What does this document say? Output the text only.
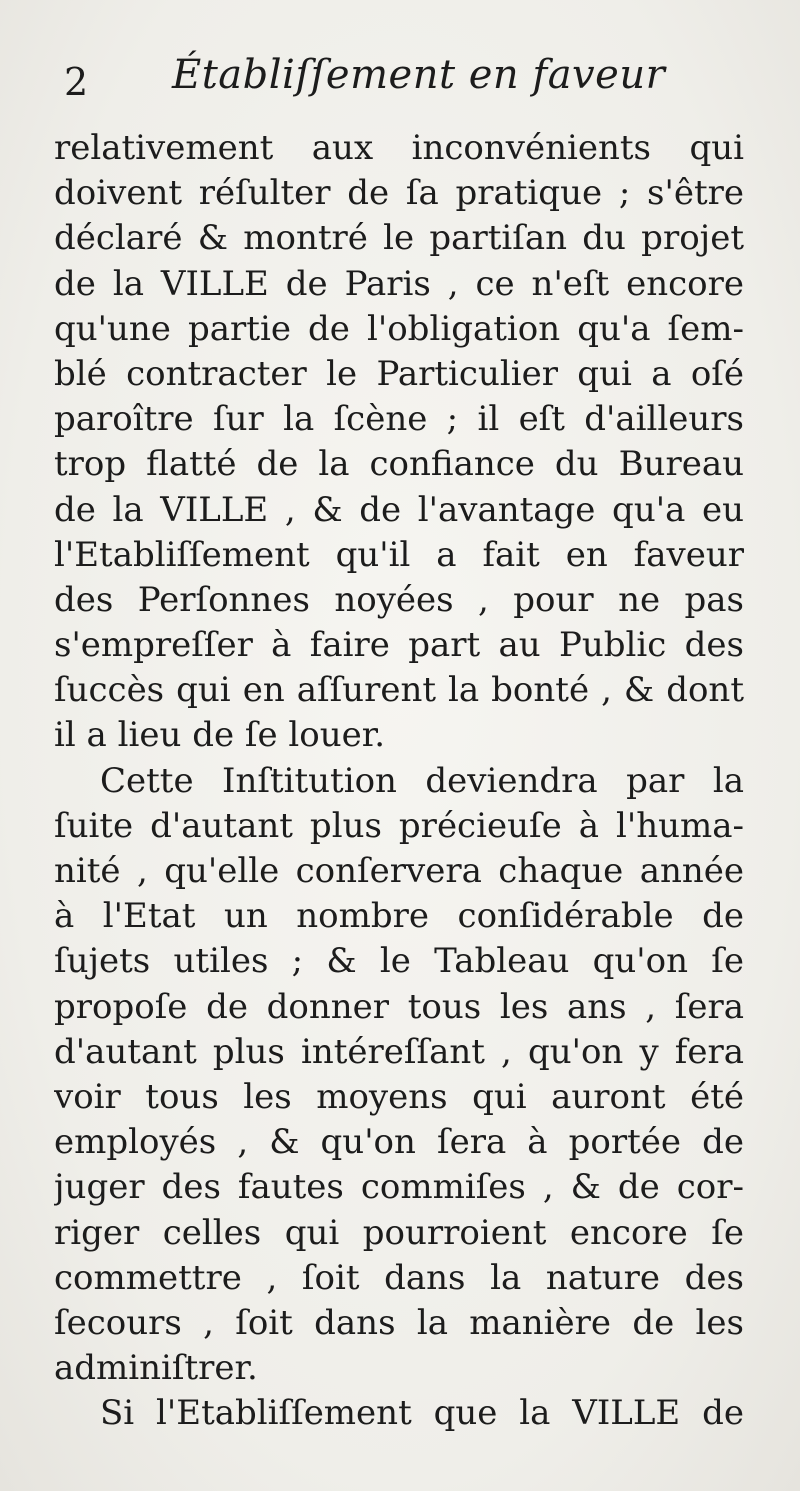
2 Établiſſement en faveur
relativement aux inconvénients qui
doivent réſulter de ſa pratique ; s'être
déclaré & montré le partiſan du projet
de la VILLE de Paris , ce n'eſt encore
qu'une partie de l'obligation qu'a ſem-
blé contracter le Particulier qui a oſé
paroître ſur la ſcène ; il eſt d'ailleurs
trop flatté de la confiance du Bureau
de la VILLE , & de l'avantage qu'a eu
l'Etabliſſement qu'il a fait en faveur
des Perſonnes noyées , pour ne pas
s'empreſſer à faire part au Public des
ſuccès qui en aſſurent la bonté , & dont
il a lieu de ſe louer.
Cette Inſtitution deviendra par la
ſuite d'autant plus précieuſe à l'huma-
nité , qu'elle conſervera chaque année
à l'Etat un nombre conſidérable de
ſujets utiles ; & le Tableau qu'on ſe
propoſe de donner tous les ans , ſera
d'autant plus intéreſſant , qu'on y fera
voir tous les moyens qui auront été
employés , & qu'on ſera à portée de
juger des fautes commiſes , & de cor-
riger celles qui pourroient encore ſe
commettre , ſoit dans la nature des
ſecours , ſoit dans la manière de les
adminiſtrer.
Si l'Etabliſſement que la VILLE de
